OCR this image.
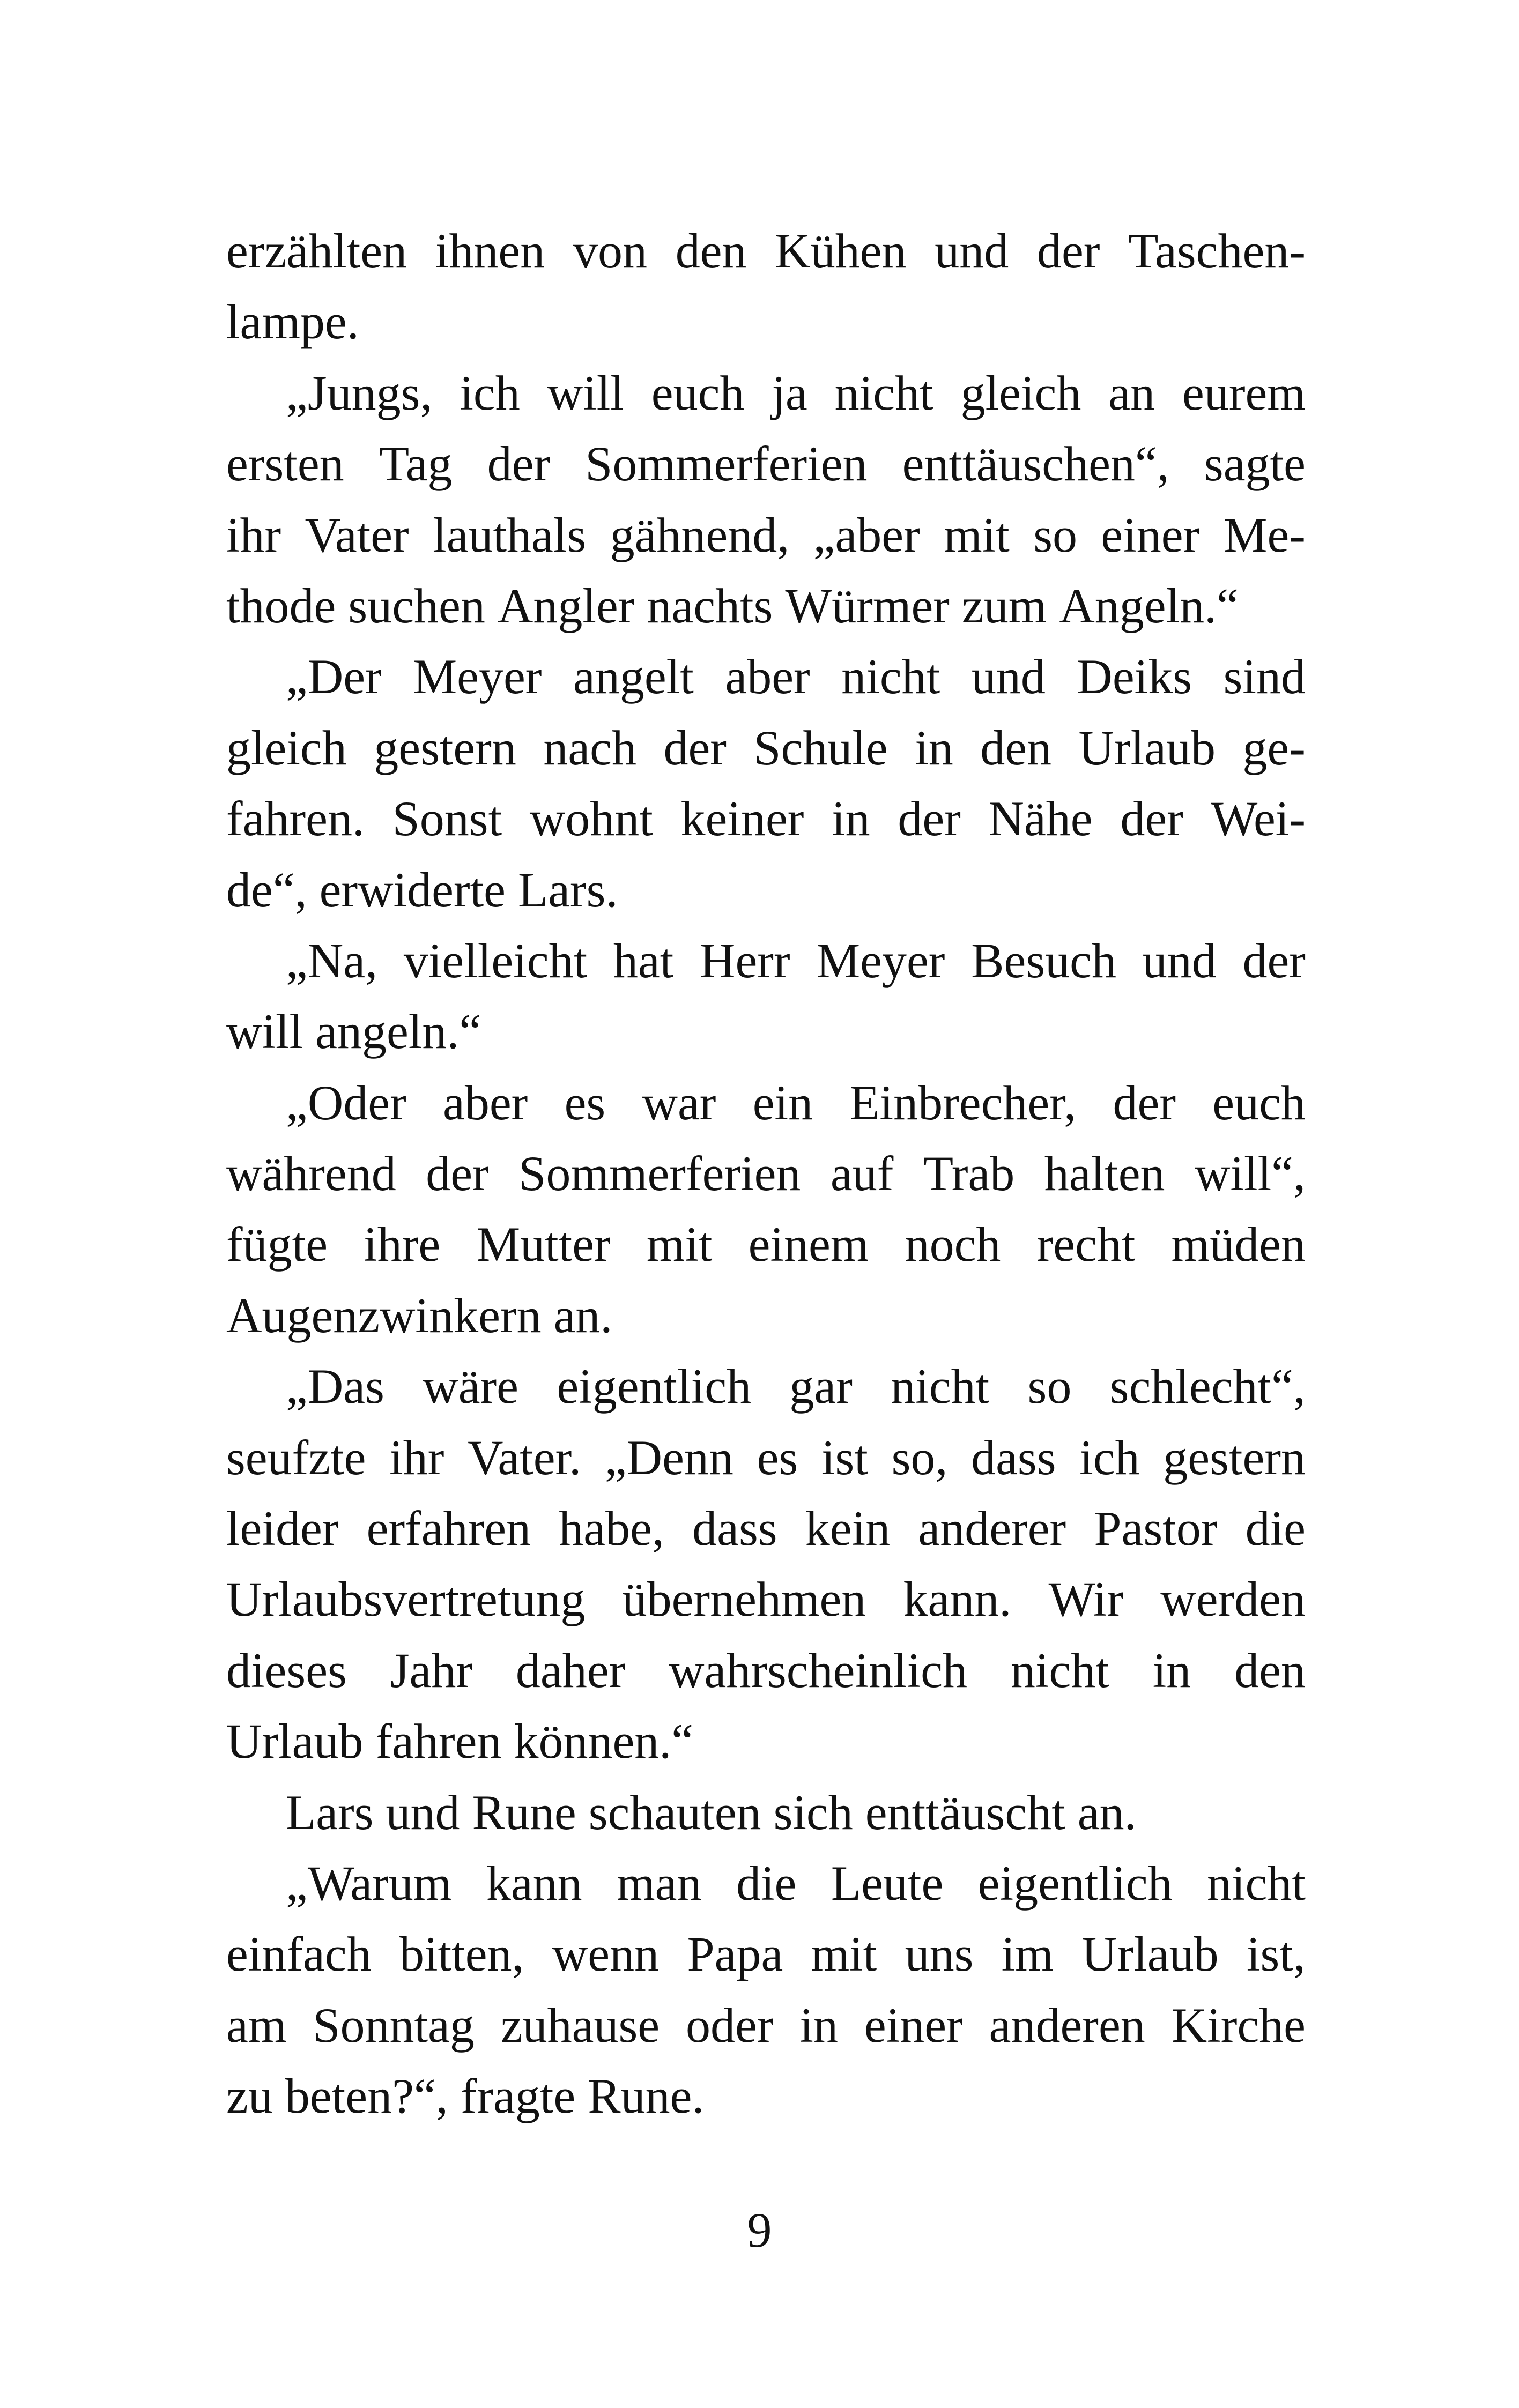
erzählten ihnen von den Kühen und der Taschen-
lampe.
„Jungs, ich will euch ja nicht gleich an eurem
ersten Tag der Sommerferien enttäuschen“, sagte
ihr Vater lauthals gähnend, „aber mit so einer Me-
thode suchen Angler nachts Würmer zum Angeln.“
„Der Meyer angelt aber nicht und Deiks sind
gleich gestern nach der Schule in den Urlaub ge-
fahren. Sonst wohnt keiner in der Nähe der Wei-
de“, erwiderte Lars.
„Na, vielleicht hat Herr Meyer Besuch und der
will angeln.“
„Oder aber es war ein Einbrecher, der euch
während der Sommerferien auf Trab halten will“,
fügte ihre Mutter mit einem noch recht müden
Augenzwinkern an.
„Das wäre eigentlich gar nicht so schlecht“,
seufzte ihr Vater. „Denn es ist so, dass ich gestern
leider erfahren habe, dass kein anderer Pastor die
Urlaubsvertretung übernehmen kann. Wir werden
dieses Jahr daher wahrscheinlich nicht in den
Urlaub fahren können.“
Lars und Rune schauten sich enttäuscht an.
„Warum kann man die Leute eigentlich nicht
einfach bitten, wenn Papa mit uns im Urlaub ist,
am Sonntag zuhause oder in einer anderen Kirche
zu beten?“, fragte Rune.
9
